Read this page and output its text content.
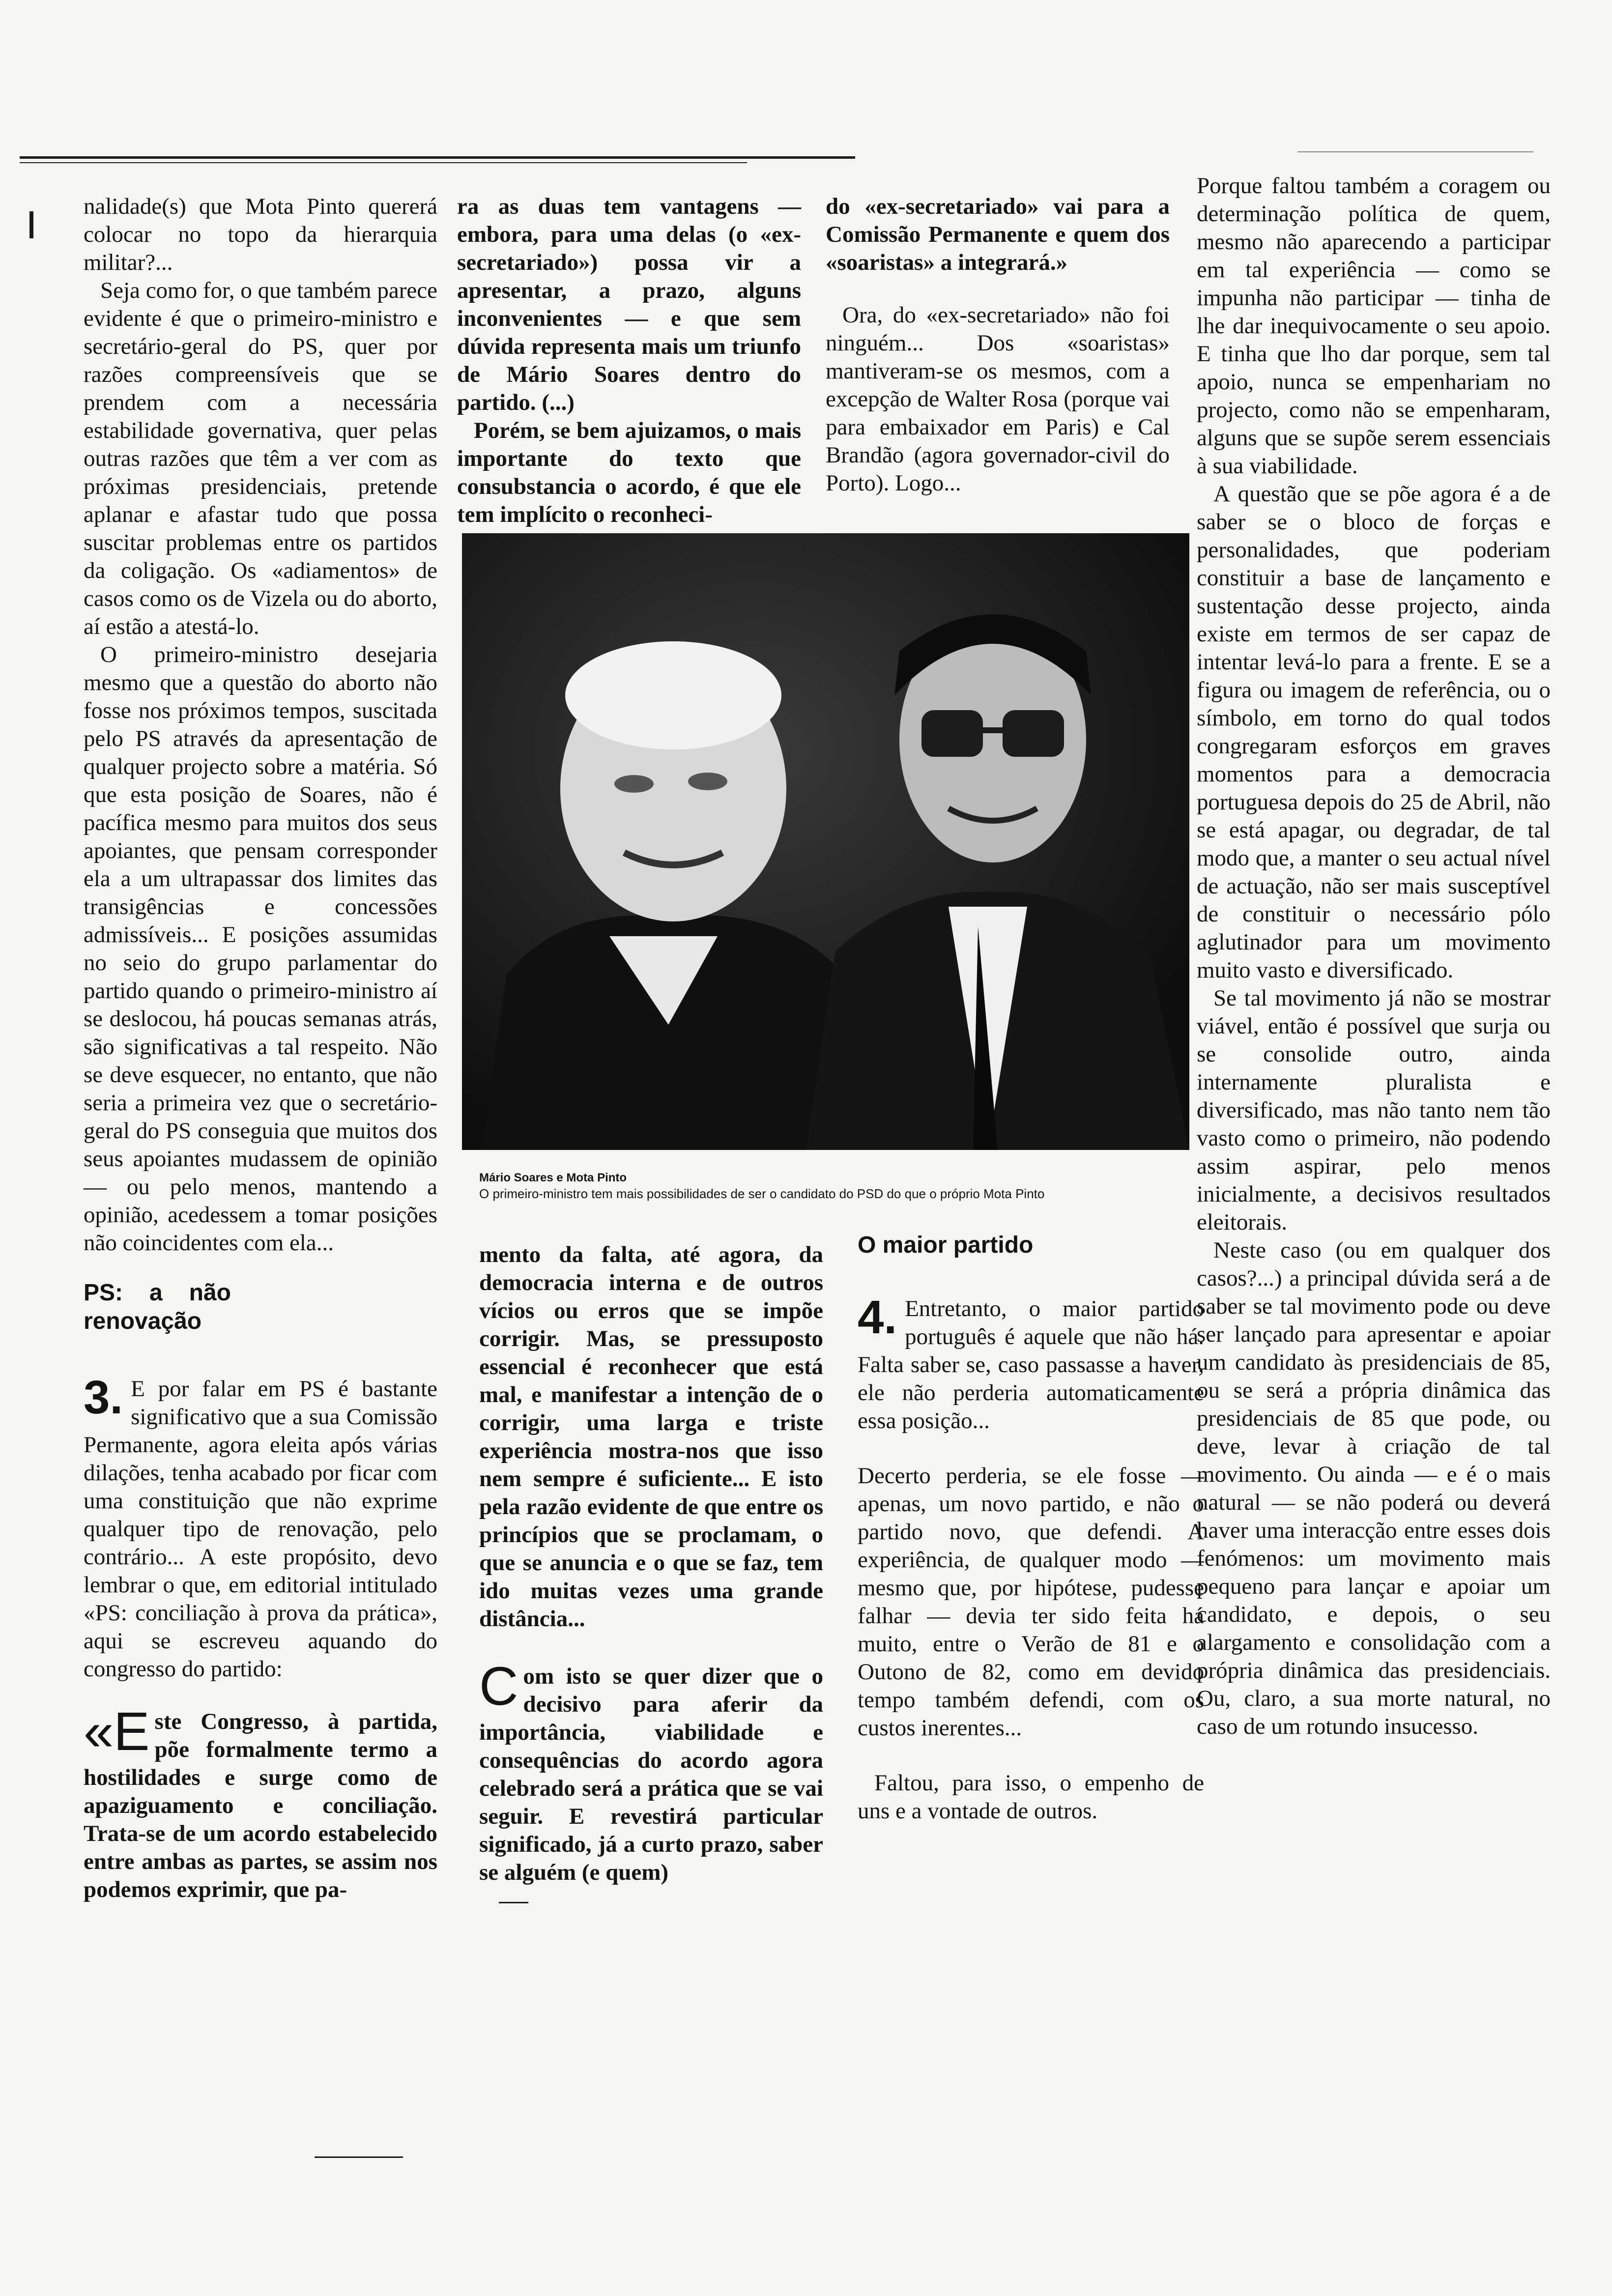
nalidade(s) que Mota Pinto quererá colocar no topo da hierarquia militar?...

Seja como for, o que também parece evidente é que o primeiro-ministro e secretário-geral do PS, quer por razões compreensíveis que se prendem com a necessária estabilidade governativa, quer pelas outras razões que têm a ver com as próximas presidenciais, pretende aplanar e afastar tudo que possa suscitar problemas entre os partidos da coligação. Os «adiamentos» de casos como os de Vizela ou do aborto, aí estão a atestá-lo.

O primeiro-ministro desejaria mesmo que a questão do aborto não fosse nos próximos tempos, suscitada pelo PS através da apresentação de qualquer projecto sobre a matéria. Só que esta posição de Soares, não é pacífica mesmo para muitos dos seus apoiantes, que pensam corresponder ela a um ultrapassar dos limites das transigências e concessões admissíveis... E posições assumidas no seio do grupo parlamentar do partido quando o primeiro-ministro aí se deslocou, há poucas semanas atrás, são significativas a tal respeito. Não se deve esquecer, no entanto, que não seria a primeira vez que o secretário-geral do PS conseguia que muitos dos seus apoiantes mudassem de opinião — ou pelo menos, mantendo a opinião, acedessem a tomar posições não coincidentes com ela...

PS: a não renovação

3. E por falar em PS é bastante significativo que a sua Comissão Permanente, agora eleita após várias dilações, tenha acabado por ficar com uma constituição que não exprime qualquer tipo de renovação, pelo contrário... A este propósito, devo lembrar o que, em editorial intitulado «PS: conciliação à prova da prática», aqui se escreveu aquando do congresso do partido:

«E ste Congresso, à partida, põe formalmente termo a hostilidades e surge como de apaziguamento e conciliação. Trata-se de um acordo estabelecido entre ambas as partes, se assim nos podemos exprimir, que pa-

ra as duas tem vantagens — embora, para uma delas (o «ex-secretariado») possa vir a apresentar, a prazo, alguns inconvenientes — e que sem dúvida representa mais um triunfo de Mário Soares dentro do partido. (...)

Porém, se bem ajuizamos, o mais importante do texto que consubstancia o acordo, é que ele tem implícito o reconheci-

do «ex-secretariado» vai para a Comissão Permanente e quem dos «soaristas» a integrará.»

Ora, do «ex-secretariado» não foi ninguém... Dos «soaristas» mantiveram-se os mesmos, com a excepção de Walter Rosa (porque vai para embaixador em Paris) e Cal Brandão (agora governador-civil do Porto). Logo...

Mário Soares e Mota Pinto
O primeiro-ministro tem mais possibilidades de ser o candidato do PSD do que o próprio Mota Pinto

mento da falta, até agora, da democracia interna e de outros vícios ou erros que se impõe corrigir. Mas, se pressuposto essencial é reconhecer que está mal, e manifestar a intenção de o corrigir, uma larga e triste experiência mostra-nos que isso nem sempre é suficiente... E isto pela razão evidente de que entre os princípios que se proclamam, o que se anuncia e o que se faz, tem ido muitas vezes uma grande distância...

C om isto se quer dizer que o decisivo para aferir da importância, viabilidade e consequências do acordo agora celebrado será a prática que se vai seguir. E revestirá particular significado, já a curto prazo, saber se alguém (e quem)

O maior partido

4. Entretanto, o maior partido português é aquele que não há. Falta saber se, caso passasse a haver, ele não perderia automaticamente essa posição...

Decerto perderia, se ele fosse — apenas, um novo partido, e não o partido novo, que defendi. A experiência, de qualquer modo — mesmo que, por hipótese, pudesse falhar — devia ter sido feita há muito, entre o Verão de 81 e o Outono de 82, como em devido tempo também defendi, com os custos inerentes...

Faltou, para isso, o empenho de uns e a vontade de outros.

Porque faltou também a coragem ou determinação política de quem, mesmo não aparecendo a participar em tal experiência — como se impunha não participar — tinha de lhe dar inequivocamente o seu apoio. E tinha que lho dar porque, sem tal apoio, nunca se empenhariam no projecto, como não se empenharam, alguns que se supõe serem essenciais à sua viabilidade.

A questão que se põe agora é a de saber se o bloco de forças e personalidades, que poderiam constituir a base de lançamento e sustentação desse projecto, ainda existe em termos de ser capaz de intentar levá-lo para a frente. E se a figura ou imagem de referência, ou o símbolo, em torno do qual todos congregaram esforços em graves momentos para a democracia portuguesa depois do 25 de Abril, não se está apagar, ou degradar, de tal modo que, a manter o seu actual nível de actuação, não ser mais susceptível de constituir o necessário pólo aglutinador para um movimento muito vasto e diversificado.

Se tal movimento já não se mostrar viável, então é possível que surja ou se consolide outro, ainda internamente pluralista e diversificado, mas não tanto nem tão vasto como o primeiro, não podendo assim aspirar, pelo menos inicialmente, a decisivos resultados eleitorais.

Neste caso (ou em qualquer dos casos?...) a principal dúvida será a de saber se tal movimento pode ou deve ser lançado para apresentar e apoiar um candidato às presidenciais de 85, ou se será a própria dinâmica das presidenciais de 85 que pode, ou deve, levar à criação de tal movimento. Ou ainda — e é o mais natural — se não poderá ou deverá haver uma interacção entre esses dois fenómenos: um movimento mais pequeno para lançar e apoiar um candidato, e depois, o seu alargamento e consolidação com a própria dinâmica das presidenciais. Ou, claro, a sua morte natural, no caso de um rotundo insucesso.
